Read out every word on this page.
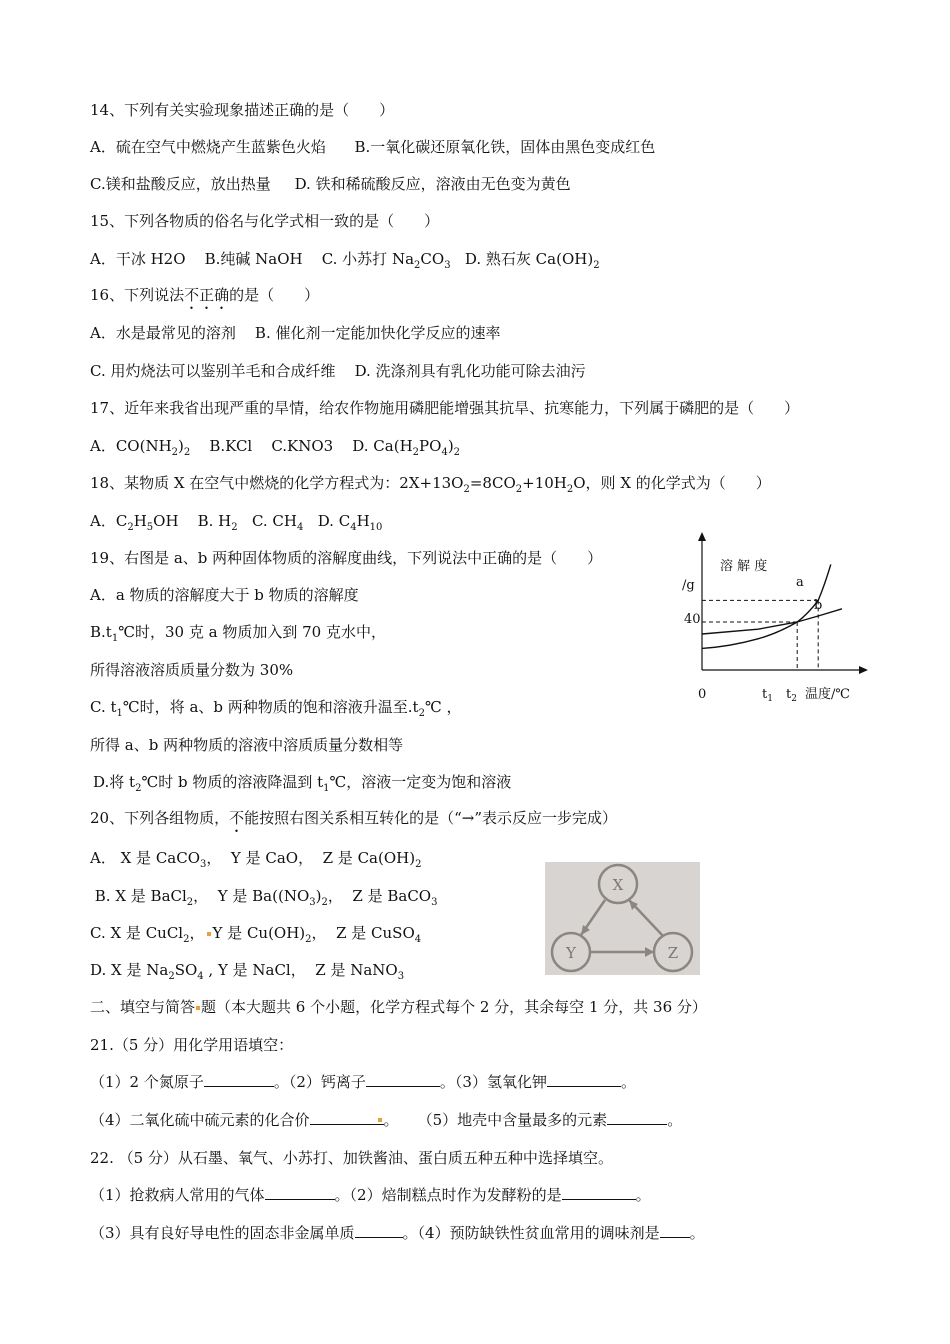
14、下列有关实验现象描述正确的是（　　）
A．硫在空气中燃烧产生蓝紫色火焰 B.一氧化碳还原氧化铁，固体由黑色变成红色
C.镁和盐酸反应，放出热量 D. 铁和稀硫酸反应，溶液由无色变为黄色
15、下列各物质的俗名与化学式相一致的是（　　）
A．干冰 H2O B.纯碱 NaOH C. 小苏打 $Na_2CO_3$ D. 熟石灰 $Ca(OH)_2$
16、下列说法不正确的是（　　）
A．水是最常见的溶剂 B. 催化剂一定能加快化学反应的速率
C. 用灼烧法可以鉴别羊毛和合成纤维 D. 洗涤剂具有乳化功能可除去油污
17、近年来我省出现严重的旱情，给农作物施用磷肥能增强其抗旱、抗寒能力，下列属于磷肥的是（　　）
A．$CO(NH_2)_2$ B.KCl C.KNO3 D. $Ca(H_2PO_4)_2$
18、某物质 X 在空气中燃烧的化学方程式为：$2X+13O_2=8CO_2+10H_2O$，则 X 的化学式为（　　）
A．$C_2H_5OH$ B. $H_2$ C. $CH_4$ D. $C_4H_{10}$
19、右图是 a、b 两种固体物质的溶解度曲线，下列说法中正确的是（　　）
A．a 物质的溶解度大于 b 物质的溶解度
$B.t_1℃$时，30 克 a 物质加入到 70 克水中，
所得溶液溶质质量分数为 30%
C. $t_1℃$时，将 a、b 两种物质的饱和溶液升温至$.t_2℃$ ，
所得 a、b 两种物质的溶液中溶质质量分数相等
D.将 $t_2℃$时 b 物质的溶液降温到 $t_1℃$，溶液一定变为饱和溶液
溶 解 度
/g
40
0	$t_1$ $t_2$ 温度/℃
a
b
20、下列各组物质，不能按照右图关系相互转化的是（“→”表示反应一步完成）
A． X 是 CaCO$_3$，  Y 是 CaO，  Z 是 $Ca(OH)_2$
B. X 是 BaCl$_2$，  Y 是 $Ba((NO_3)_2$，  Z 是 BaCO$_3$
C. X 是 CuCl$_2$， Y 是 $Cu(OH)_2$，  Z 是 CuSO$_4$
D. X 是 $Na_2SO_4$ , Y 是 NaCl，  Z 是 NaNO$_3$
X
Y	Z
二、填空与简答 题（本大题共 6 个小题，化学方程式每个 2 分，其余每空 1 分，共 36 分）
21.（5 分）用化学用语填空：
（1）2 个氮原子	。（2）钙离子	。（3）氢氧化钾	。
（4）二氧化硫中硫元素的化合价	。 （5）地壳中含量最多的元素	。
22. （5 分）从石墨、氧气、小苏打、加铁酱油、蛋白质五种五种中选择填空。
（1）抢救病人常用的气体	。（2）焙制糕点时作为发酵粉的是	。
（3）具有良好导电性的固态非金属单质	。（4）预防缺铁性贫血常用的调味剂是 。
